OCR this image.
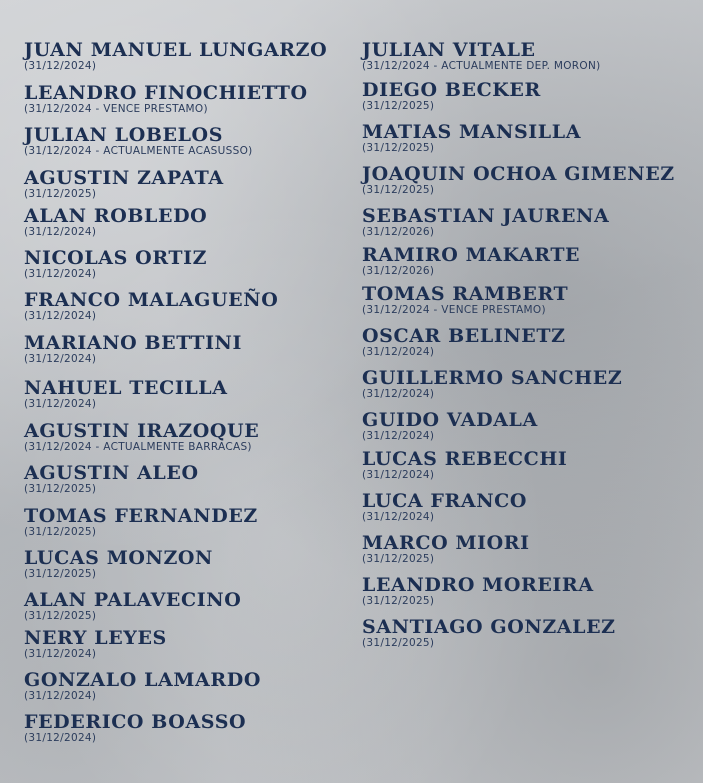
JUAN MANUEL LUNGARZO
(31/12/2024)
LEANDRO FINOCHIETTO
(31/12/2024 - VENCE PRESTAMO)
JULIAN LOBELOS
(31/12/2024 - ACTUALMENTE ACASUSSO)
AGUSTIN ZAPATA
(31/12/2025)
ALAN ROBLEDO
(31/12/2024)
NICOLAS ORTIZ
(31/12/2024)
FRANCO MALAGUEÑO
(31/12/2024)
MARIANO BETTINI
(31/12/2024)
NAHUEL TECILLA
(31/12/2024)
AGUSTIN IRAZOQUE
(31/12/2024 - ACTUALMENTE BARRACAS)
AGUSTIN ALEO
(31/12/2025)
TOMAS FERNANDEZ
(31/12/2025)
LUCAS MONZON
(31/12/2025)
ALAN PALAVECINO
(31/12/2025)
NERY LEYES
(31/12/2024)
GONZALO LAMARDO
(31/12/2024)
FEDERICO BOASSO
(31/12/2024)
JULIAN VITALE
(31/12/2024 - ACTUALMENTE DEP. MORON)
DIEGO BECKER
(31/12/2025)
MATIAS MANSILLA
(31/12/2025)
JOAQUIN OCHOA GIMENEZ
(31/12/2025)
SEBASTIAN JAURENA
(31/12/2026)
RAMIRO MAKARTE
(31/12/2026)
TOMAS RAMBERT
(31/12/2024 - VENCE PRESTAMO)
OSCAR BELINETZ
(31/12/2024)
GUILLERMO SANCHEZ
(31/12/2024)
GUIDO VADALA
(31/12/2024)
LUCAS REBECCHI
(31/12/2024)
LUCA FRANCO
(31/12/2024)
MARCO MIORI
(31/12/2025)
LEANDRO MOREIRA
(31/12/2025)
SANTIAGO GONZALEZ
(31/12/2025)
